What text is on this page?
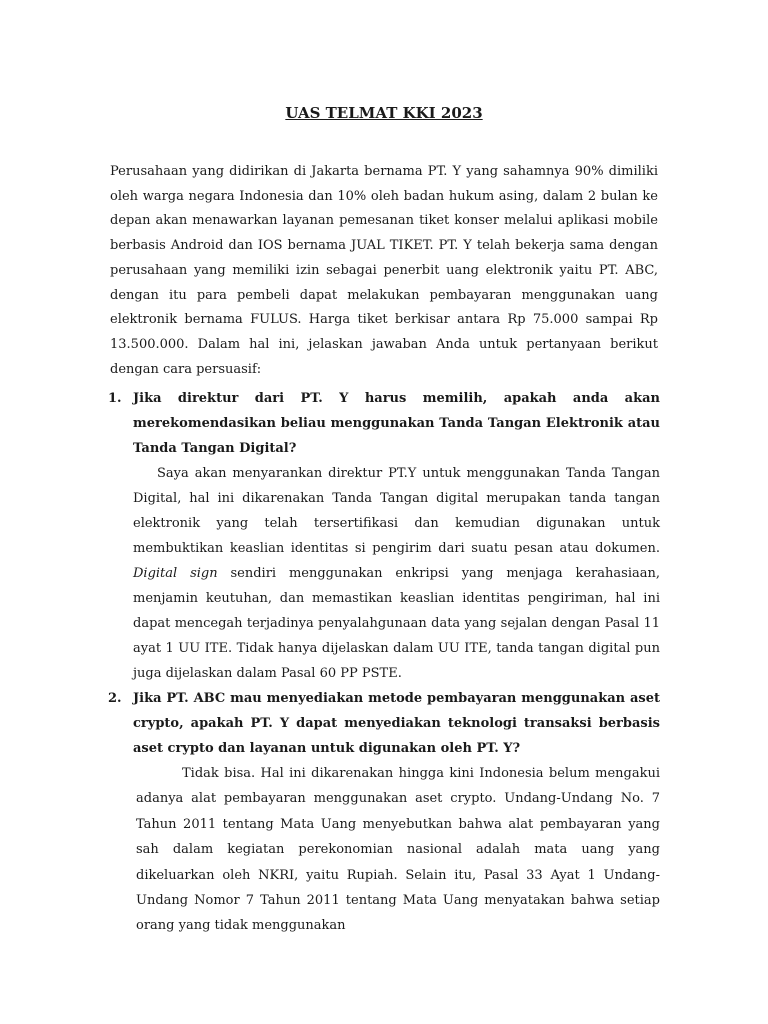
UAS TELMAT KKI 2023

Perusahaan yang didirikan di Jakarta bernama PT. Y yang sahamnya 90% dimiliki oleh warga negara Indonesia dan 10% oleh badan hukum asing, dalam 2 bulan ke depan akan menawarkan layanan pemesanan tiket konser melalui aplikasi mobile berbasis Android dan IOS bernama JUAL TIKET. PT. Y telah bekerja sama dengan perusahaan yang memiliki izin sebagai penerbit uang elektronik yaitu PT. ABC, dengan itu para pembeli dapat melakukan pembayaran menggunakan uang elektronik bernama FULUS. Harga tiket berkisar antara Rp 75.000 sampai Rp 13.500.000. Dalam hal ini, jelaskan jawaban Anda untuk pertanyaan berikut dengan cara persuasif:

1. Jika direktur dari PT. Y harus memilih, apakah anda akan merekomendasikan beliau menggunakan Tanda Tangan Elektronik atau Tanda Tangan Digital?

Saya akan menyarankan direktur PT.Y untuk menggunakan Tanda Tangan Digital, hal ini dikarenakan Tanda Tangan digital merupakan tanda tangan elektronik yang telah tersertifikasi dan kemudian digunakan untuk membuktikan keaslian identitas si pengirim dari suatu pesan atau dokumen. Digital sign sendiri menggunakan enkripsi yang menjaga kerahasiaan, menjamin keutuhan, dan memastikan keaslian identitas pengiriman, hal ini dapat mencegah terjadinya penyalahgunaan data yang sejalan dengan Pasal 11 ayat 1 UU ITE. Tidak hanya dijelaskan dalam UU ITE, tanda tangan digital pun juga dijelaskan dalam Pasal 60 PP PSTE.

2. Jika PT. ABC mau menyediakan metode pembayaran menggunakan aset crypto, apakah PT. Y dapat menyediakan teknologi transaksi berbasis aset crypto dan layanan untuk digunakan oleh PT. Y?

Tidak bisa. Hal ini dikarenakan hingga kini Indonesia belum mengakui adanya alat pembayaran menggunakan aset crypto. Undang-Undang No. 7 Tahun 2011 tentang Mata Uang menyebutkan bahwa alat pembayaran yang sah dalam kegiatan perekonomian nasional adalah mata uang yang dikeluarkan oleh NKRI, yaitu Rupiah. Selain itu, Pasal 33 Ayat 1 Undang-Undang Nomor 7 Tahun 2011 tentang Mata Uang menyatakan bahwa setiap orang yang tidak menggunakan
